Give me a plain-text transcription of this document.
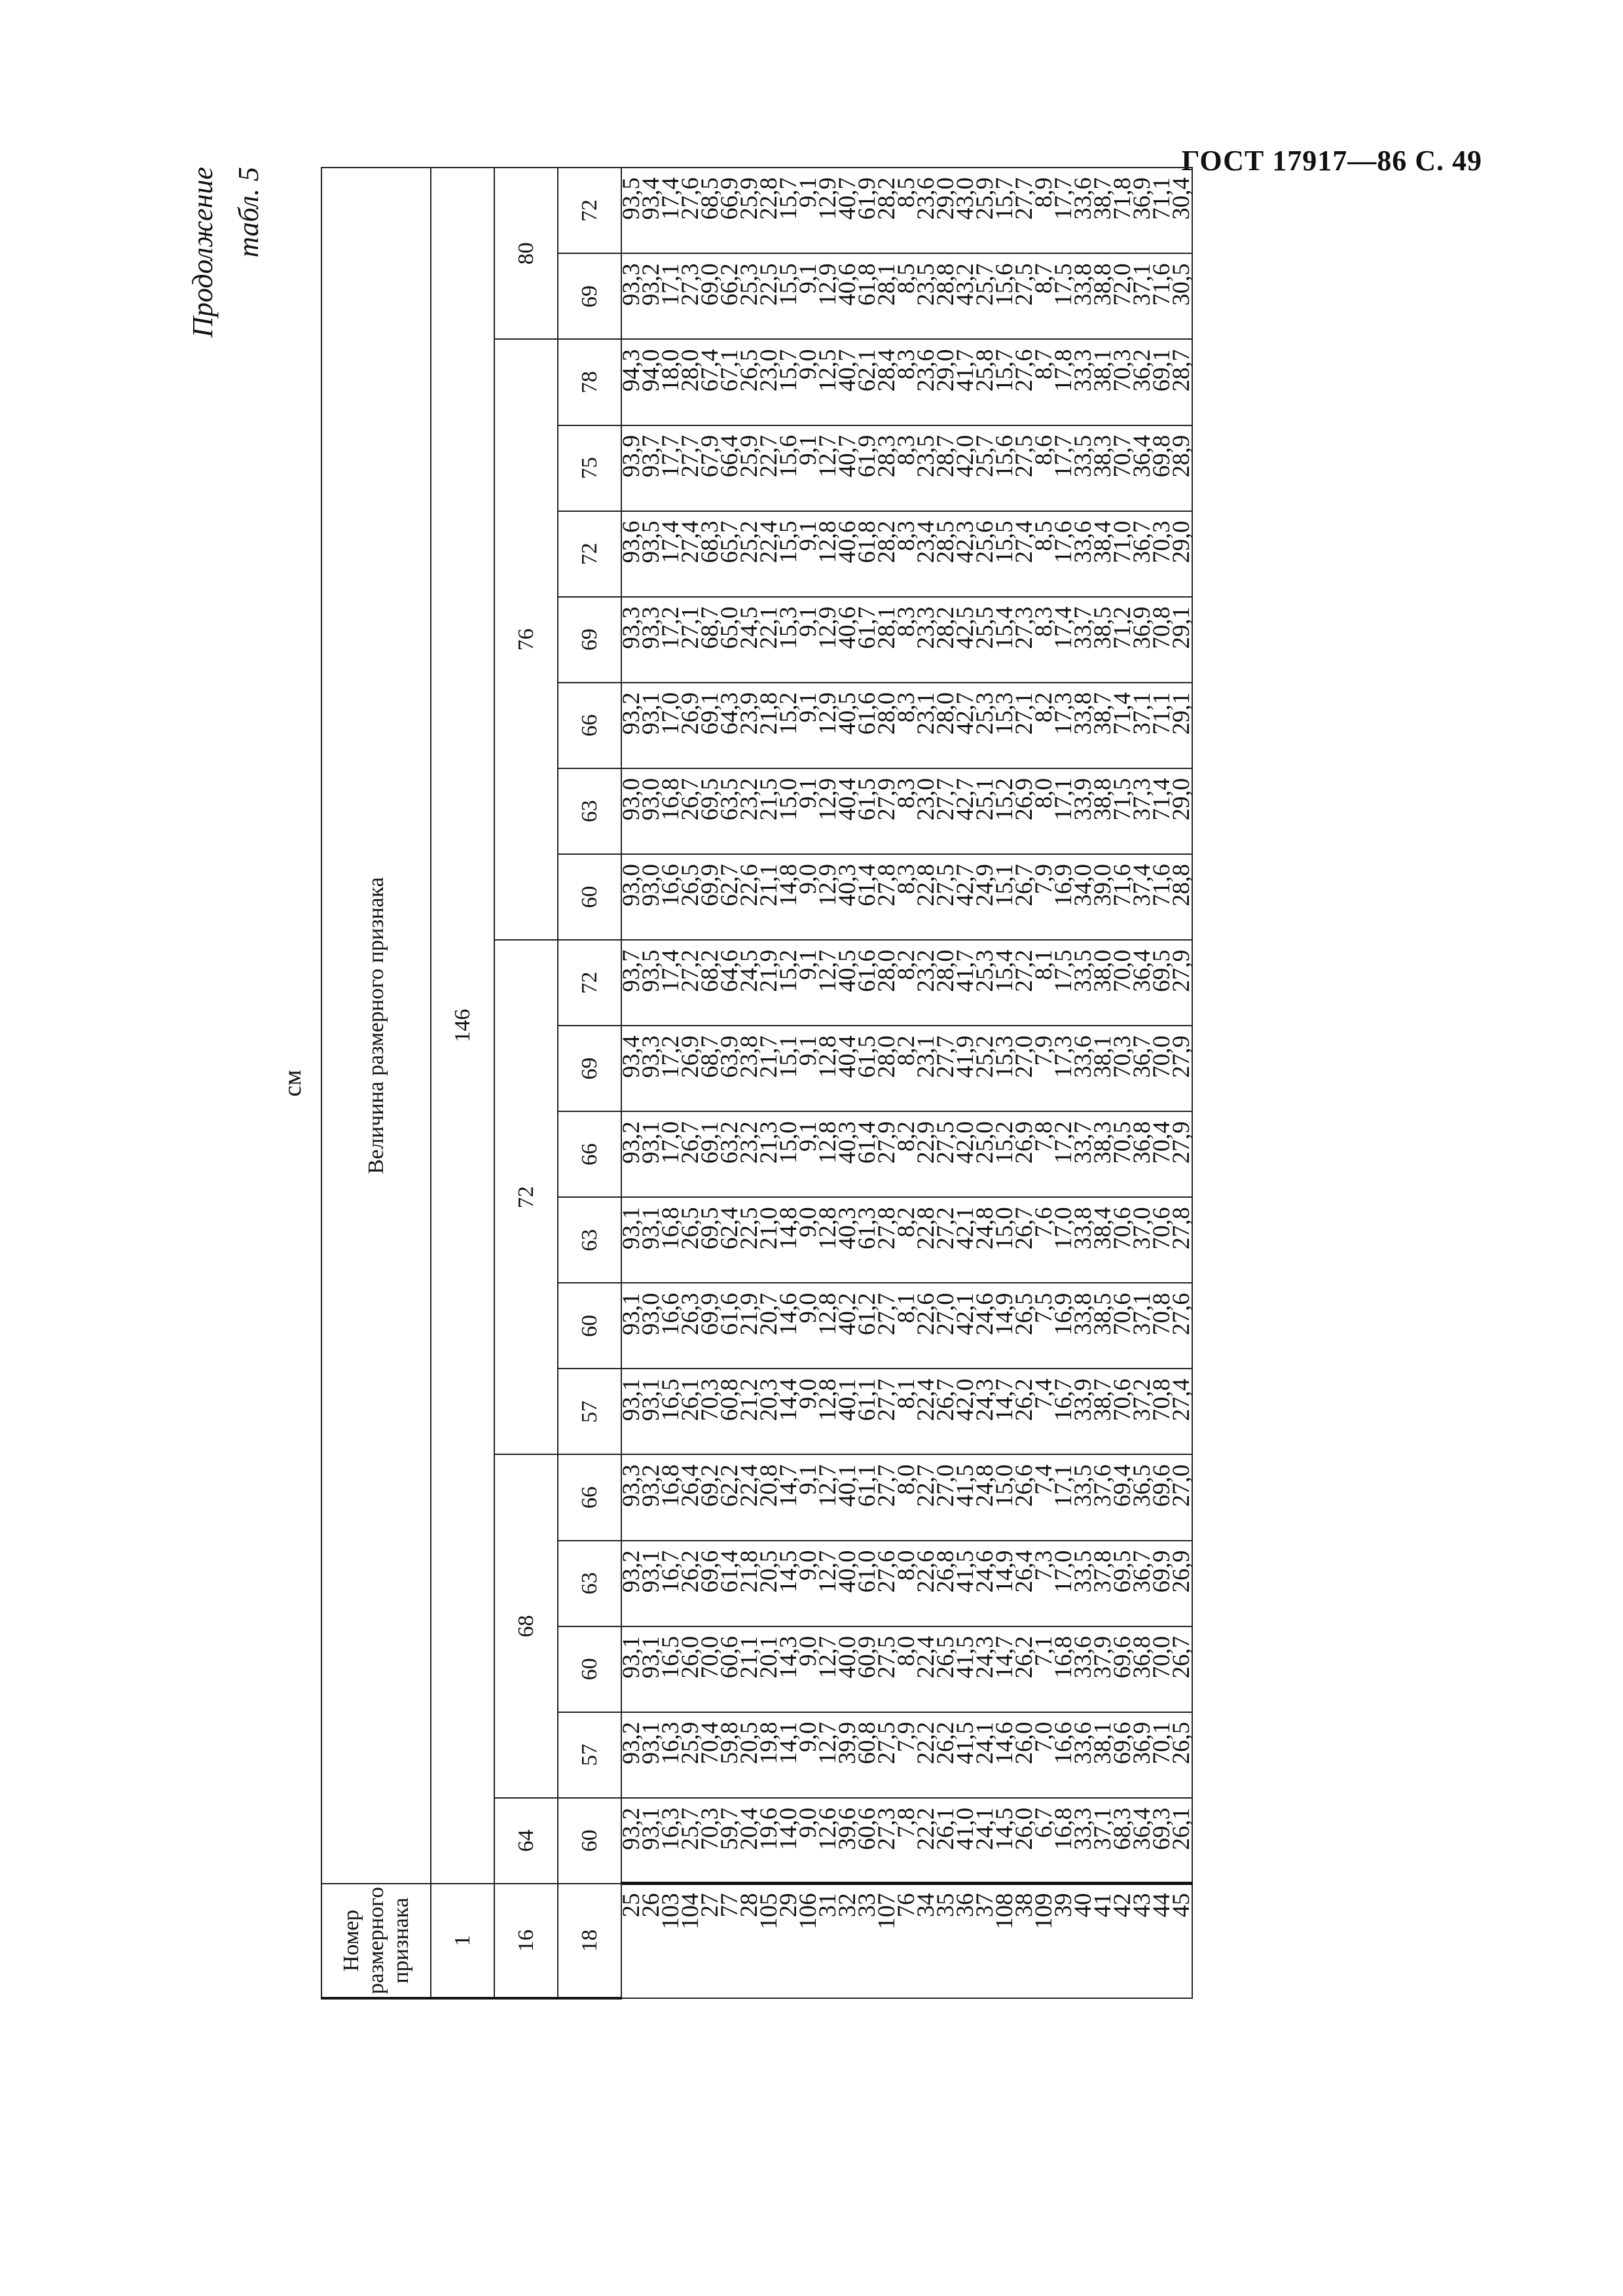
ГОСТ 17917—86 С. 49
Продолжение табл. 5
см
Номер размерного признака	Величина размерного признака																			
1	146																			
16	64	68				72						76							80	
18	60	57	60	63	66	57	60	63	66	69	72	60	63	66	69	72	75	78	69	72
25	93,2	93,2	93,1	93,2	93,3	93,1	93,1	93,1	93,2	93,4	93,7	93,0	93,0	93,2	93,3	93,6	93,9	94,3	93,3	93,5
26	93,1	93,1	93,1	93,1	93,2	93,1	93,0	93,1	93,1	93,3	93,5	93,0	93,0	93,1	93,3	93,5	93,7	94,0	93,2	93,4
103	16,3	16,3	16,5	16,7	16,8	16,5	16,6	16,8	17,0	17,2	17,4	16,6	16,8	17,0	17,2	17,4	17,7	18,0	17,1	17,4
104	25,7	25,9	26,0	26,2	26,4	26,1	26,3	26,5	26,7	26,9	27,2	26,5	26,7	26,9	27,1	27,4	27,7	28,0	27,3	27,6
27	70,3	70,4	70,0	69,6	69,2	70,3	69,9	69,5	69,1	68,7	68,2	69,9	69,5	69,1	68,7	68,3	67,9	67,4	69,0	68,5
77	59,7	59,8	60,6	61,4	62,2	60,8	61,6	62,4	63,2	63,9	64,6	62,7	63,5	64,3	65,0	65,7	66,4	67,1	66,2	66,9
28	20,4	20,5	21,1	21,8	22,4	21,2	21,9	22,5	23,2	23,8	24,5	22,6	23,2	23,9	24,5	25,2	25,9	26,5	25,3	25,9
105	19,6	19,8	20,1	20,5	20,8	20,3	20,7	21,0	21,3	21,7	21,9	21,1	21,5	21,8	22,1	22,4	22,7	23,0	22,5	22,8
29	14,0	14,1	14,3	14,5	14,7	14,4	14,6	14,8	15,0	15,1	15,2	14,8	15,0	15,2	15,3	15,5	15,6	15,7	15,5	15,7
106	9,0	9,0	9,0	9,0	9,1	9,0	9,0	9,0	9,1	9,1	9,1	9,0	9,1	9,1	9,1	9,1	9,1	9,0	9,1	9,1
31	12,6	12,7	12,7	12,7	12,7	12,8	12,8	12,8	12,8	12,8	12,7	12,9	12,9	12,9	12,9	12,8	12,7	12,5	12,9	12,9
32	39,6	39,9	40,0	40,0	40,1	40,1	40,2	40,3	40,3	40,4	40,5	40,3	40,4	40,5	40,6	40,6	40,7	40,7	40,6	40,7
33	60,6	60,8	60,9	61,0	61,1	61,1	61,2	61,3	61,4	61,5	61,6	61,4	61,5	61,6	61,7	61,8	61,9	62,1	61,8	61,9
107	27,3	27,5	27,5	27,6	27,7	27,7	27,7	27,8	27,9	28,0	28,0	27,8	27,9	28,0	28,1	28,2	28,3	28,4	28,1	28,2
76	7,8	7,9	8,0	8,0	8,0	8,1	8,1	8,2	8,2	8,2	8,2	8,3	8,3	8,3	8,3	8,3	8,3	8,3	8,5	8,5
34	22,2	22,2	22,4	22,6	22,7	22,4	22,6	22,8	22,9	23,1	23,2	22,8	23,0	23,1	23,3	23,4	23,5	23,6	23,5	23,6
35	26,1	26,2	26,5	26,8	27,0	26,7	27,0	27,2	27,5	27,7	28,0	27,5	27,7	28,0	28,2	28,5	28,7	29,0	28,8	29,0
36	41,0	41,5	41,5	41,5	41,5	42,0	42,1	42,1	42,0	41,9	41,7	42,7	42,7	42,7	42,5	42,3	42,0	41,7	43,2	43,0
37	24,1	24,1	24,3	24,6	24,8	24,3	24,6	24,8	25,0	25,2	25,3	24,9	25,1	25,3	25,5	25,6	25,7	25,8	25,7	25,9
108	14,5	14,6	14,7	14,9	15,0	14,7	14,9	15,0	15,2	15,3	15,4	15,1	15,2	15,3	15,4	15,5	15,6	15,7	15,6	15,7
38	26,0	26,0	26,2	26,4	26,6	26,2	26,5	26,7	26,9	27,0	27,2	26,7	26,9	27,1	27,3	27,4	27,5	27,6	27,5	27,7
109	6,7	7,0	7,1	7,3	7,4	7,4	7,5	7,6	7,8	7,9	8,1	7,9	8,0	8,2	8,3	8,5	8,6	8,7	8,7	8,9
39	16,8	16,6	16,8	17,0	17,1	16,7	16,9	17,0	17,2	17,3	17,5	16,9	17,1	17,3	17,4	17,6	17,7	17,8	17,5	17,7
40	33,3	33,6	33,6	33,5	33,5	33,9	33,8	33,8	33,7	33,6	33,5	34,0	33,9	33,8	33,7	33,6	33,5	33,3	33,8	33,6
41	37,1	38,1	37,9	37,8	37,6	38,7	38,5	38,4	38,3	38,1	38,0	39,0	38,8	38,7	38,5	38,4	38,3	38,1	38,8	38,7
42	68,3	69,6	69,6	69,5	69,4	70,6	70,6	70,6	70,5	70,3	70,0	71,6	71,5	71,4	71,2	71,0	70,7	70,3	72,0	71,8
43	36,4	36,9	36,8	36,7	36,5	37,2	37,1	37,0	36,8	36,7	36,4	37,4	37,3	37,1	36,9	36,7	36,4	36,2	37,1	36,9
44	69,3	70,1	70,0	69,9	69,6	70,8	70,8	70,6	70,4	70,0	69,5	71,6	71,4	71,1	70,8	70,3	69,8	69,1	71,6	71,1
45	26,1	26,5	26,7	26,9	27,0	27,4	27,6	27,8	27,9	27,9	27,9	28,8	29,0	29,1	29,1	29,0	28,9	28,7	30,5	30,4
